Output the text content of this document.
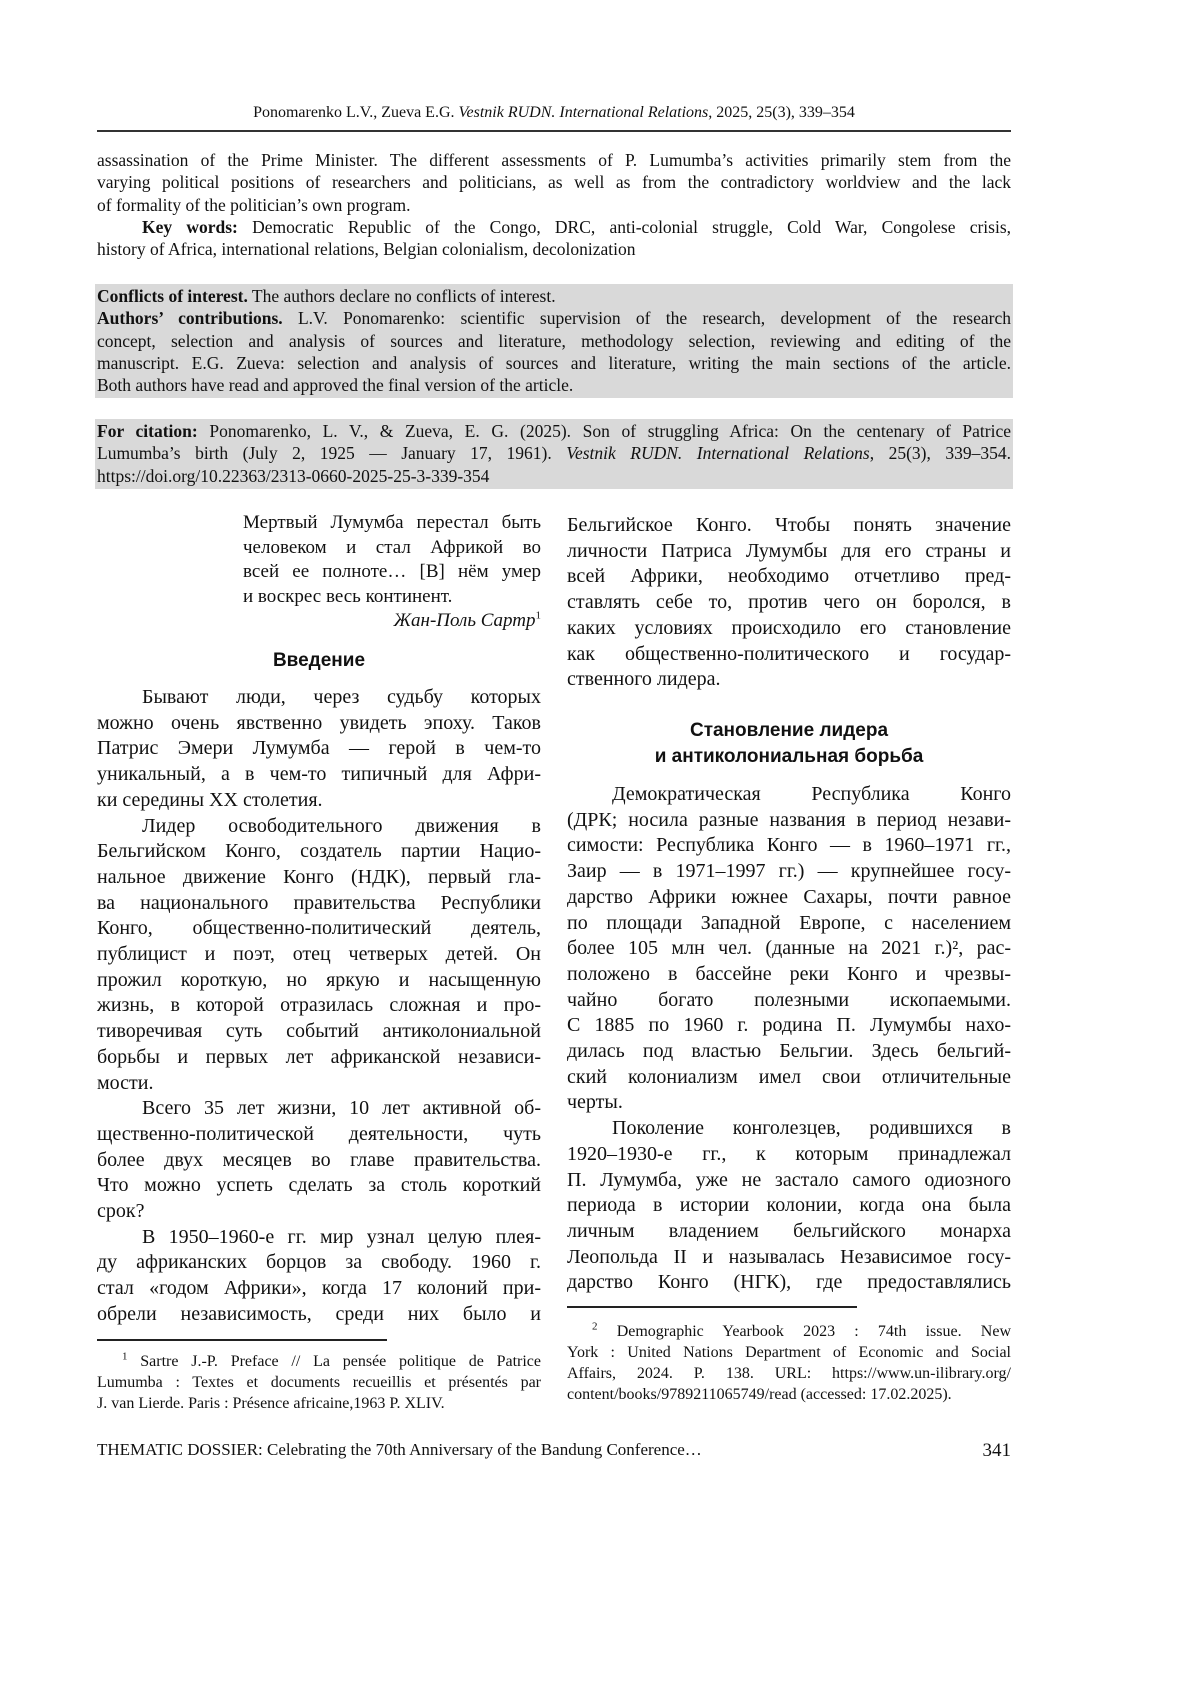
Ponomarenko L.V., Zueva E.G. Vestnik RUDN. International Relations, 2025, 25(3), 339–354
assassination of the Prime Minister. The different assessments of P. Lumumba’s activities primarily stem from the
varying political positions of researchers and politicians, as well as from the contradictory worldview and the lack
of formality of the politician’s own program.
Key words: Democratic Republic of the Congo, DRC, anti-colonial struggle, Cold War, Congolese crisis,
history of Africa, international relations, Belgian colonialism, decolonization
Conflicts of interest. The authors declare no conflicts of interest.
Authors’ contributions. L.V. Ponomarenko: scientific supervision of the research, development of the research
concept, selection and analysis of sources and literature, methodology selection, reviewing and editing of the
manuscript. E.G. Zueva: selection and analysis of sources and literature, writing the main sections of the article.
Both authors have read and approved the final version of the article.
For citation: Ponomarenko, L. V., & Zueva, E. G. (2025). Son of struggling Africa: On the centenary of Patrice
Lumumba’s birth (July 2, 1925 — January 17, 1961). Vestnik RUDN. International Relations, 25(3), 339–354.
https://doi.org/10.22363/2313-0660-2025-25-3-339-354
Мертвый Лумумба перестал быть
человеком и стал Африкой во
всей ее полноте… [В] нём умер
и воскрес весь континент.
Жан-Поль Сартр1
Введение
Бывают люди, через судьбу которых
можно очень явственно увидеть эпоху. Таков
Патрис Эмери Лумумба — герой в чем-то
уникальный, а в чем-то типичный для Афри-
ки середины XX столетия.
Лидер освободительного движения в
Бельгийском Конго, создатель партии Нацио-
нальное движение Конго (НДК), первый гла-
ва национального правительства Республики
Конго, общественно-политический деятель,
публицист и поэт, отец четверых детей. Он
прожил короткую, но яркую и насыщенную
жизнь, в которой отразилась сложная и про-
тиворечивая суть событий антиколониальной
борьбы и первых лет африканской независи-
мости.
Всего 35 лет жизни, 10 лет активной об-
щественно-политической деятельности, чуть
более двух месяцев во главе правительства.
Что можно успеть сделать за столь короткий
срок?
В 1950–1960-е гг. мир узнал целую плея-
ду африканских борцов за свободу. 1960 г.
стал «годом Африки», когда 17 колоний при-
обрели независимость, среди них было и
1 Sartre J.-P. Preface // La pensée politique de Patrice
Lumumba : Textes et documents recueillis et présentés par
J. van Lierde. Paris : Présence africaine,1963 P. XLIV.
Бельгийское Конго. Чтобы понять значение
личности Патриса Лумумбы для его страны и
всей Африки, необходимо отчетливо пред-
ставлять себе то, против чего он боролся, в
каких условиях происходило его становление
как общественно-политического и государ-
ственного лидера.
Становление лидера
и антиколониальная борьба
Демократическая Республика Конго
(ДРК; носила разные названия в период незави-
симости: Республика Конго — в 1960–1971 гг.,
Заир — в 1971–1997 гг.) — крупнейшее госу-
дарство Африки южнее Сахары, почти равное
по площади Западной Европе, с населением
более 105 млн чел. (данные на 2021 г.)², рас-
положено в бассейне реки Конго и чрезвы-
чайно богато полезными ископаемыми.
С 1885 по 1960 г. родина П. Лумумбы нахо-
дилась под властью Бельгии. Здесь бельгий-
ский колониализм имел свои отличительные
черты.
Поколение конголезцев, родившихся в
1920–1930-е гг., к которым принадлежал
П. Лумумба, уже не застало самого одиозного
периода в истории колонии, когда она была
личным владением бельгийского монарха
Леопольда II и называлась Независимое госу-
дарство Конго (НГК), где предоставлялись
2 Demographic Yearbook 2023 : 74th issue. New
York : United Nations Department of Economic and Social
Affairs, 2024. P. 138. URL: https://www.un-ilibrary.org/
content/books/9789211065749/read (accessed: 17.02.2025).
THEMATIC DOSSIER: Celebrating the 70th Anniversary of the Bandung Conference…	341
